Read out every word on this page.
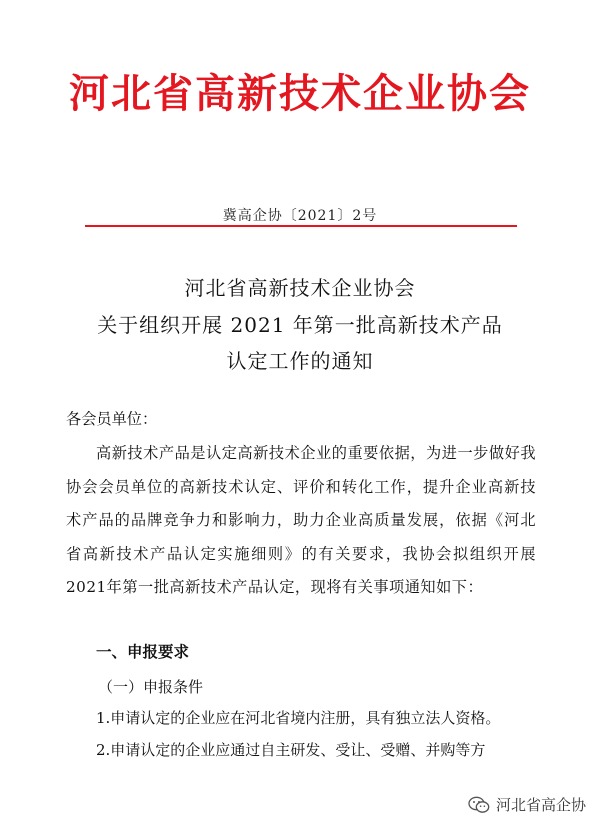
河北省高新技术企业协会
冀高企协〔2021〕2号
河北省高新技术企业协会
关于组织开展 2021 年第一批高新技术产品
认定工作的通知
各会员单位：
高新技术产品是认定高新技术企业的重要依据，为进一步做好我协会会员单位的高新技术认定、评价和转化工作，提升企业高新技术产品的品牌竞争力和影响力，助力企业高质量发展，依据《河北省高新技术产品认定实施细则》的有关要求，我协会拟组织开展2021年第一批高新技术产品认定，现将有关事项通知如下：
一、申报要求
（一）申报条件
1.申请认定的企业应在河北省境内注册，具有独立法人资格。
2.申请认定的企业应通过自主研发、受让、受赠、并购等方
河北省高企协
